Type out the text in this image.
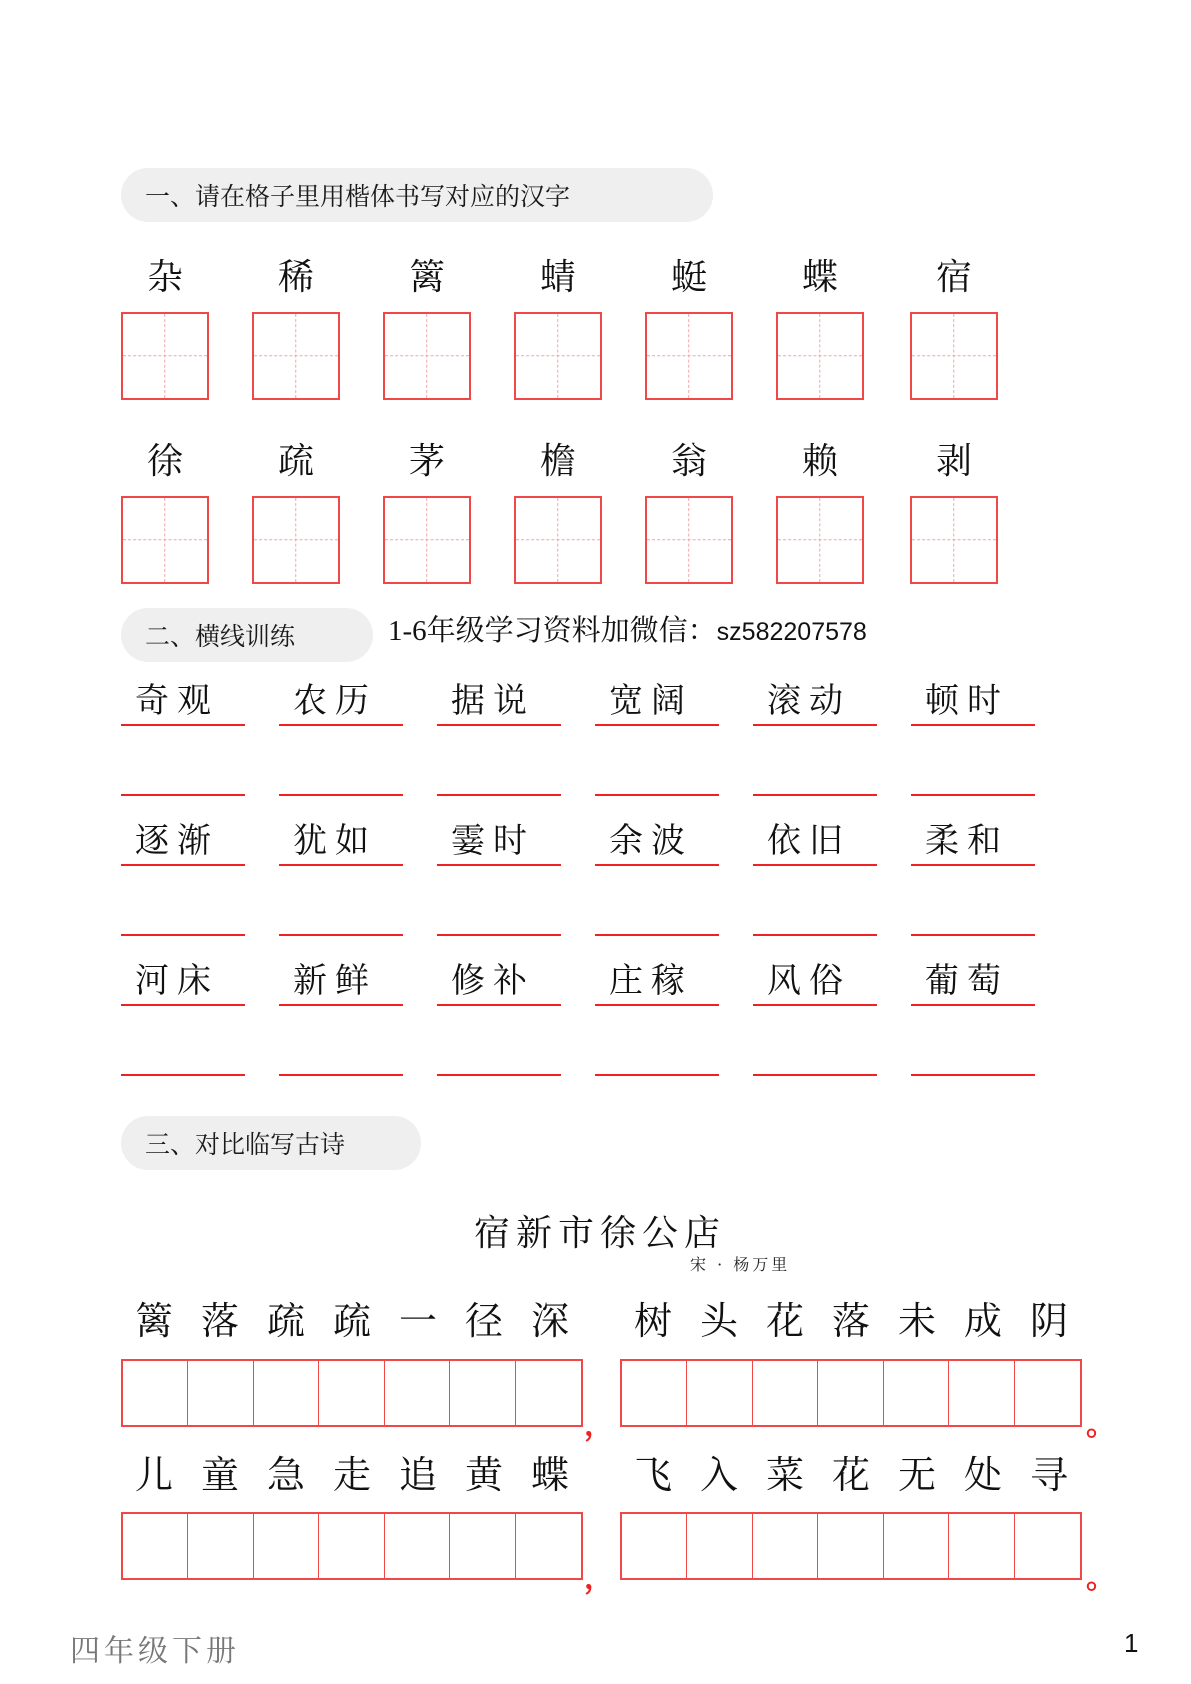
一、请在格子里用楷体书写对应的汉字
杂	稀	篱	蜻	蜓	蝶	宿
徐	疏	茅	檐	翁	赖	剥
二、横线训练	1-6年级学习资料加微信：sz582207578
奇观	农历	据说	宽阔	滚动	顿时
逐渐	犹如	霎时	余波	依旧	柔和
河床	新鲜	修补	庄稼	风俗	葡萄
三、对比临写古诗
宿新市徐公店
宋 · 杨万里
篱 落 疏 疏 一 径 深	树 头 花 落 未 成 阴
，	。
儿 童 急 走 追 黄 蝶	飞 入 菜 花 无 处 寻
，	。
四年级下册	1
